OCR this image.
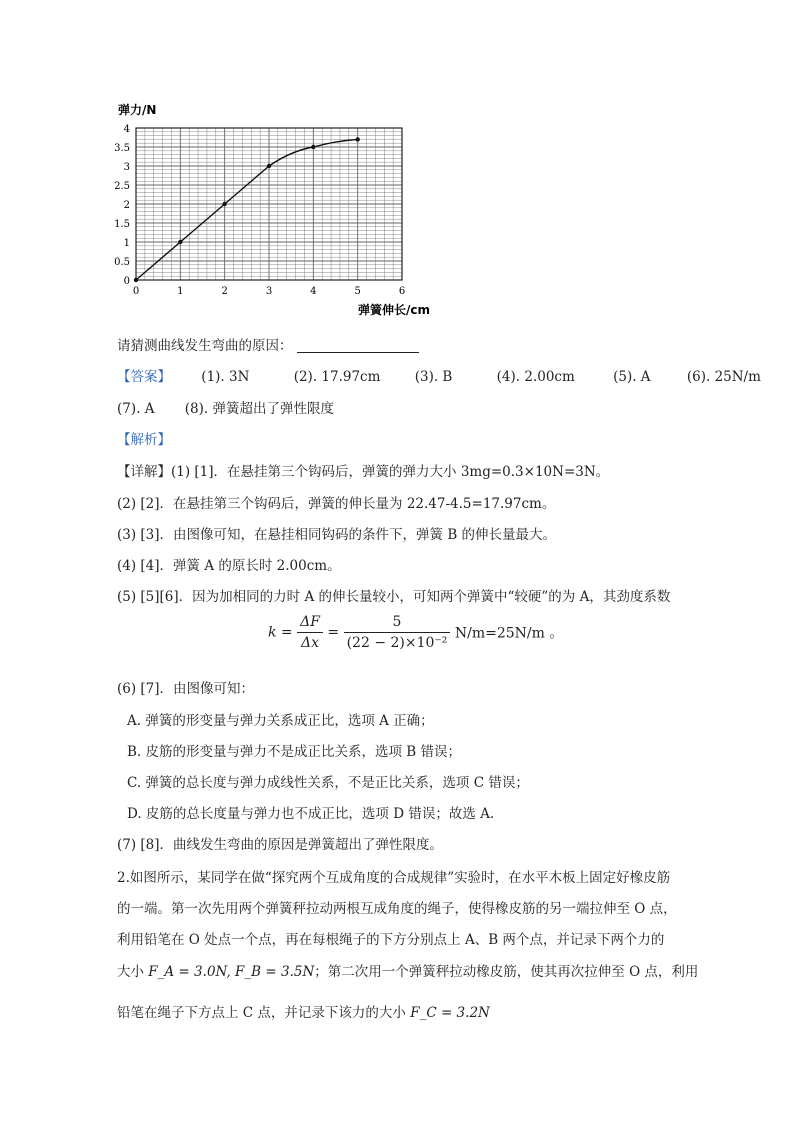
弹力/N
0
0.5
1
1.5
2
2.5
3
3.5
4
0	1	2	3	4	5	6
弹簧伸长/cm
请猜测曲线发生弯曲的原因：
【答案】 (1). 3N	(2). 17.97cm	(3). B	(4). 2.00cm	(5). A	(6). 25N/m
(7). A (8). 弹簧超出了弹性限度
【解析】
【详解】(1) [1]．在悬挂第三个钩码后，弹簧的弹力大小 3mg=0.3×10N=3N。
(2) [2]．在悬挂第三个钩码后，弹簧的伸长量为 22.47-4.5=17.97cm。
(3) [3]．由图像可知，在悬挂相同钩码的条件下，弹簧 B 的伸长量最大。
(4) [4]．弹簧 A 的原长时 2.00cm。
(5) [5][6]．因为加相同的力时 A 的伸长量较小，可知两个弹簧中“较硬”的为 A，其劲度系数
$k = \frac{\Delta F}{\Delta x} = \frac{5}{\text{(22 − 2)×10⁻²}} N/m=25N/m$ 。
(6) [7]．由图像可知：
A. 弹簧的形变量与弹力关系成正比，选项 A 正确；
B. 皮筋的形变量与弹力不是成正比关系，选项 B 错误；
C. 弹簧的总长度与弹力成线性关系，不是正比关系，选项 C 错误；
D. 皮筋的总长度量与弹力也不成正比，选项 D 错误；故选 A.
(7) [8]．曲线发生弯曲的原因是弹簧超出了弹性限度。
2.如图所示，某同学在做“探究两个互成角度的合成规律”实验时，在水平木板上固定好橡皮筋
的一端。第一次先用两个弹簧秤拉动两根互成角度的绳子，使得橡皮筋的另一端拉伸至 O 点，
利用铅笔在 O 处点一个点，再在每根绳子的下方分别点上 A、B 两个点，并记录下两个力的
大小 F_A = 3.0N, F_B = 3.5N；第二次用一个弹簧秤拉动橡皮筋，使其再次拉伸至 O 点，利用
铅笔在绳子下方点上 C 点，并记录下该力的大小 F_C = 3.2N
